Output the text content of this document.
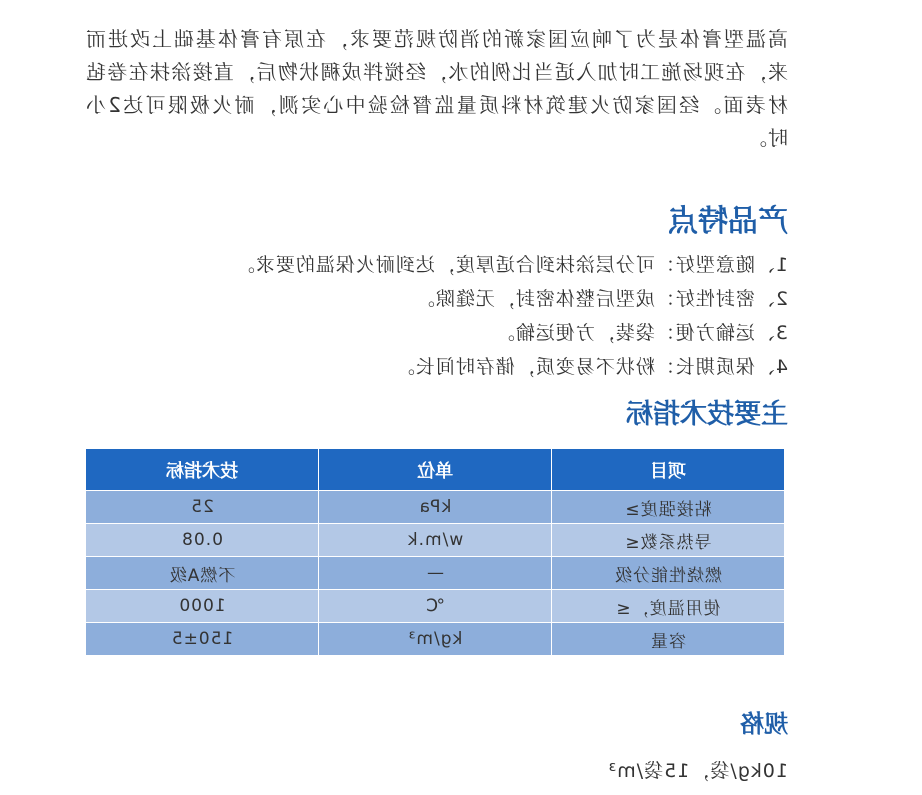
高温型膏体是为了响应国家新的消防规范要求，在原有膏体基础上改进而来，在现场施工时加入适当比例的水，经搅拌成稠状物后，直接涂抹在卷毡材表面。经国家防火建筑材料质量监督检验中心实测，耐火极限可达2小时。

产品特点
1、随意型好：可分层涂抹到合适厚度，达到耐火保温的要求。
2、密封性好：成型后整体密封，无缝隙。
3、运输方便：袋装，方便运输。
4、保质期长：粉状不易变质，储存时间长。
主要技术指标
项目	单位	技术指标
粘接强度≥	kPa	25
导热系数≤	w/m.k	0.08
燃烧性能分级	—	不燃A级
使用温度，≤	℃	1000
容量	kg/m³	150±5
规格

10kg/袋，15袋/m³
